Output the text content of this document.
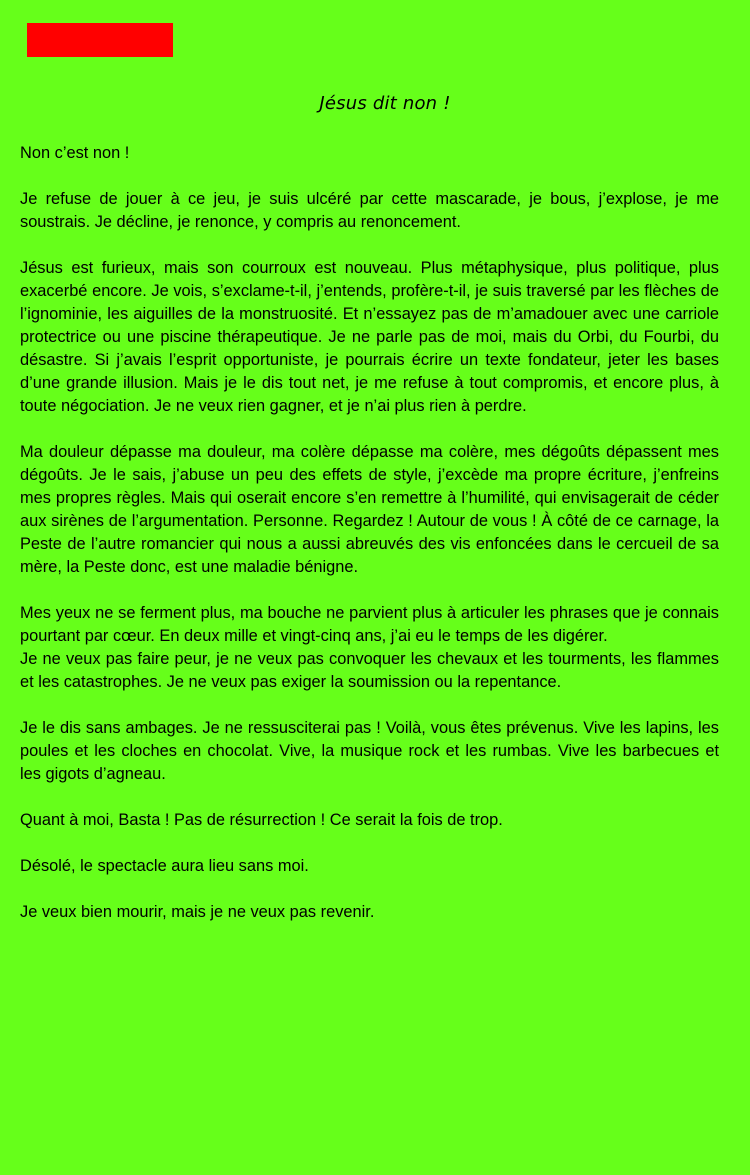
Jésus dit non !

Non c’est non !

Je refuse de jouer à ce jeu, je suis ulcéré par cette mascarade, je bous, j’explose, je me soustrais. Je décline, je renonce, y compris au renoncement.

Jésus est furieux, mais son courroux est nouveau. Plus métaphysique, plus politique, plus exacerbé encore. Je vois, s’exclame-t-il, j’entends, profère-t-il, je suis traversé par les flèches de l’ignominie, les aiguilles de la monstruosité. Et n’essayez pas de m’amadouer avec une carriole protectrice ou une piscine thérapeutique. Je ne parle pas de moi, mais du Orbi, du Fourbi, du désastre. Si j’avais l’esprit opportuniste, je pourrais écrire un texte fondateur, jeter les bases d’une grande illusion. Mais je le dis tout net, je me refuse à tout compromis, et encore plus, à toute négociation. Je ne veux rien gagner, et je n’ai plus rien à perdre.

Ma douleur dépasse ma douleur, ma colère dépasse ma colère, mes dégoûts dépassent mes dégoûts. Je le sais, j’abuse un peu des effets de style, j’excède ma propre écriture, j’enfreins mes propres règles. Mais qui oserait encore s’en remettre à l’humilité, qui envisagerait de céder aux sirènes de l’argumentation. Personne. Regardez ! Autour de vous ! À côté de ce carnage, la Peste de l’autre romancier qui nous a aussi abreuvés des vis enfoncées dans le cercueil de sa mère, la Peste donc, est une maladie bénigne.

Mes yeux ne se ferment plus, ma bouche ne parvient plus à articuler les phrases que je connais pourtant par cœur. En deux mille et vingt-cinq ans, j’ai eu le temps de les digérer.

Je ne veux pas faire peur, je ne veux pas convoquer les chevaux et les tourments, les flammes et les catastrophes. Je ne veux pas exiger la soumission ou la repentance.

Je le dis sans ambages. Je ne ressusciterai pas ! Voilà, vous êtes prévenus. Vive les lapins, les poules et les cloches en chocolat. Vive, la musique rock et les rumbas. Vive les barbecues et les gigots d’agneau.

Quant à moi, Basta ! Pas de résurrection ! Ce serait la fois de trop.

Désolé, le spectacle aura lieu sans moi.

Je veux bien mourir, mais je ne veux pas revenir.
